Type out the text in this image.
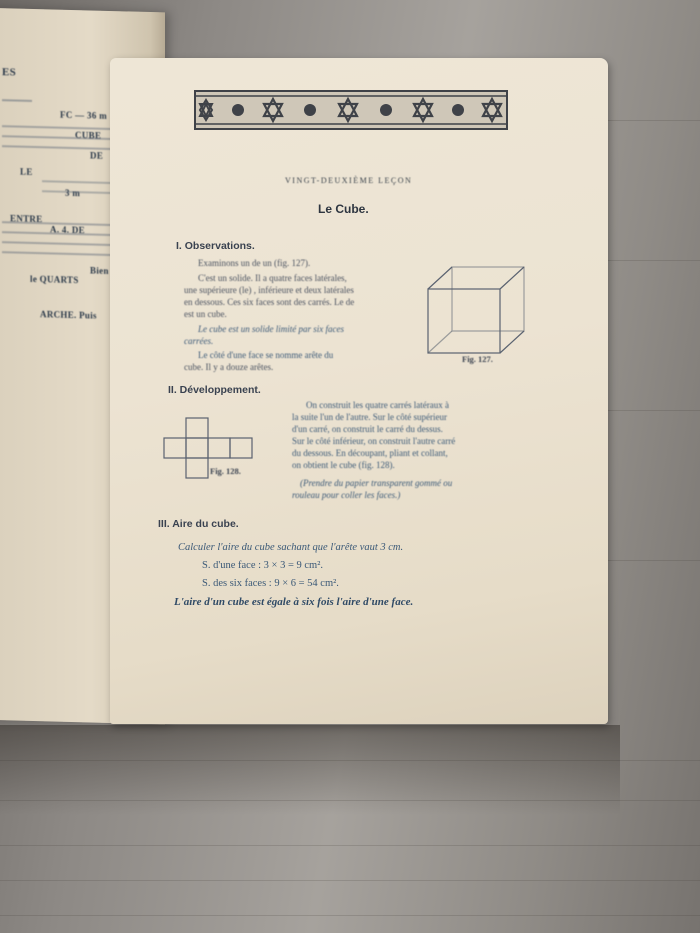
ES
FC — 36 m
CUBE
DE
LE
3 m
ENTRE
A. 4. DE
le QUARTS
Bien
ARCHE. Puis
VINGT-DEUXIÈME LEÇON
Le Cube.
I. Observations.
Examinons un de un (fig. 127).
C'est un solide. Il a quatre faces latérales,
une supérieure (le) , inférieure et deux latérales
en dessous. Ces six faces sont des carrés. Le de
est un cube.
Le cube est un solide limité par six faces
carrées.
Le côté d'une face se nomme arête du
cube. Il y a douze arêtes.
Fig. 127.
II. Développement.
Fig. 128.
On construit les quatre carrés latéraux à
la suite l'un de l'autre. Sur le côté supérieur
d'un carré, on construit le carré du dessus.
Sur le côté inférieur, on construit l'autre carré
du dessous. En découpant, pliant et collant,
on obtient le cube (fig. 128).
(Prendre du papier transparent gommé ou
rouleau pour coller les faces.)
III. Aire du cube.
Calculer l'aire du cube sachant que l'arête vaut 3 cm.
S. d'une face : 3 × 3 = 9 cm².
S. des six faces : 9 × 6 = 54 cm².
L'aire d'un cube est égale à six fois l'aire d'une face.
